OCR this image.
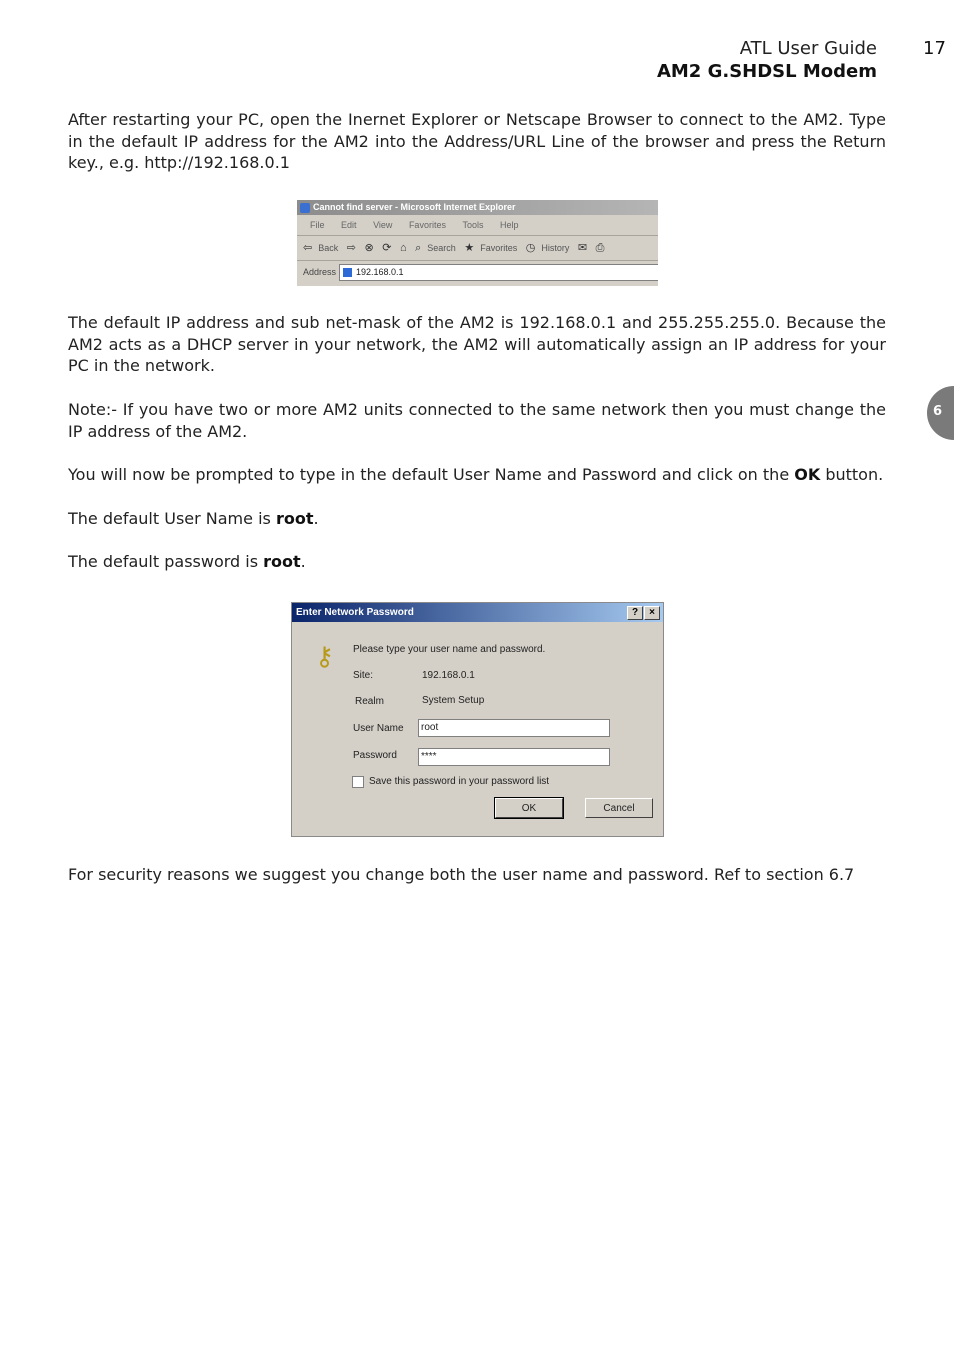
ATL User Guide
AM2 G.SHDSL Modem
17
6
After restarting your PC, open the Inernet Explorer or Netscape Browser to connect to the AM2. Type in the default IP address for the AM2 into the Address/URL Line of the browser and press the Return key., e.g. http://192.168.0.1
Cannot find server - Microsoft Internet Explorer
File Edit View Favorites Tools Help
⇦ Back ⇨ ⊗ ⟳ ⌂ ⌕ Search ★ Favorites ◷ History ✉ ⎙
Address	192.168.0.1
The default IP address and sub net-mask of the AM2 is 192.168.0.1 and 255.255.255.0. Because the AM2 acts as a DHCP server in your network, the AM2 will automatically assign an IP address for your PC in the network.
Note:- If you have two or more AM2 units connected to the same network then you must change the IP address of the AM2.
You will now be prompted to type in the default User Name and Password and click on the OK button.
The default User Name is root.
The default password is root.
Enter Network Password	?	×
⚷ Please type your user name and password.
Site:	192.168.0.1
Realm	System Setup
User Name	root
Password	****
Save this password in your password list
OK	Cancel
For security reasons we suggest you change both the user name and password. Ref to section 6.7
